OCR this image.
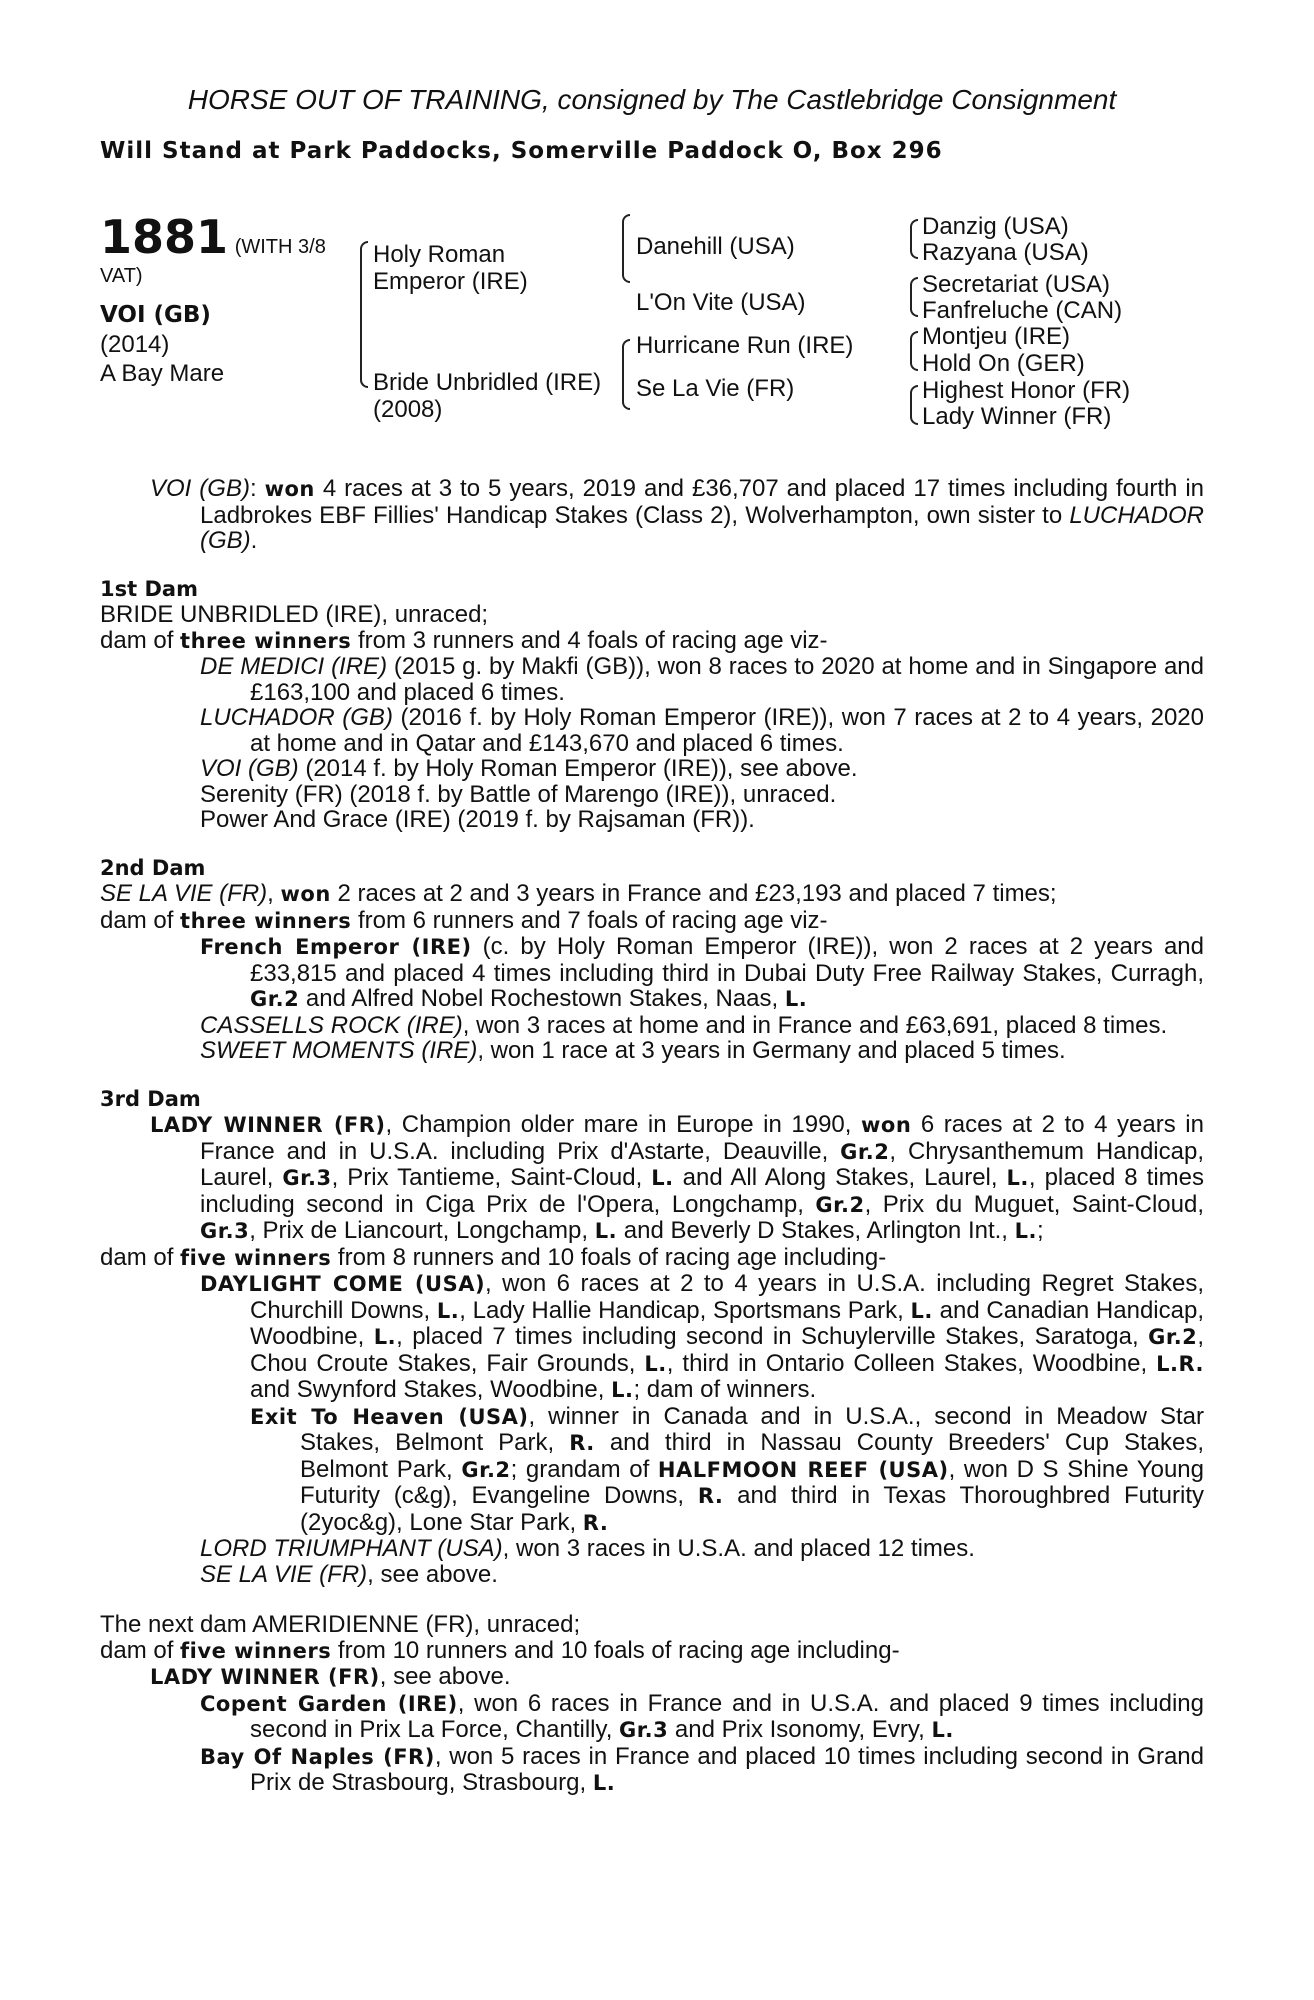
HORSE OUT OF TRAINING, consigned by The Castlebridge Consignment
Will Stand at Park Paddocks, Somerville Paddock O, Box 296
1881 (WITH 3/8
VAT)
VOI (GB)
(2014)
A Bay Mare
Holy Roman
Emperor (IRE)
Bride Unbridled (IRE)
(2008)
Danehill (USA)
L'On Vite (USA)
Hurricane Run (IRE)
Se La Vie (FR)
Danzig (USA)
Razyana (USA)
Secretariat (USA)
Fanfreluche (CAN)
Montjeu (IRE)
Hold On (GER)
Highest Honor (FR)
Lady Winner (FR)

VOI (GB): won 4 races at 3 to 5 years, 2019 and £36,707 and placed 17 times including fourth in Ladbrokes EBF Fillies' Handicap Stakes (Class 2), Wolverhampton, own sister to LUCHADOR (GB).

1st Dam

BRIDE UNBRIDLED (IRE), unraced;

dam of three winners from 3 runners and 4 foals of racing age viz-

DE MEDICI (IRE) (2015 g. by Makfi (GB)), won 8 races to 2020 at home and in Singapore and £163,100 and placed 6 times.

LUCHADOR (GB) (2016 f. by Holy Roman Emperor (IRE)), won 7 races at 2 to 4 years, 2020 at home and in Qatar and £143,670 and placed 6 times.

VOI (GB) (2014 f. by Holy Roman Emperor (IRE)), see above.

Serenity (FR) (2018 f. by Battle of Marengo (IRE)), unraced.

Power And Grace (IRE) (2019 f. by Rajsaman (FR)).

2nd Dam

SE LA VIE (FR), won 2 races at 2 and 3 years in France and £23,193 and placed 7 times;

dam of three winners from 6 runners and 7 foals of racing age viz-

French Emperor (IRE) (c. by Holy Roman Emperor (IRE)), won 2 races at 2 years and £33,815 and placed 4 times including third in Dubai Duty Free Railway Stakes, Curragh, Gr.2 and Alfred Nobel Rochestown Stakes, Naas, L.

CASSELLS ROCK (IRE), won 3 races at home and in France and £63,691, placed 8 times.

SWEET MOMENTS (IRE), won 1 race at 3 years in Germany and placed 5 times.

3rd Dam

LADY WINNER (FR), Champion older mare in Europe in 1990, won 6 races at 2 to 4 years in France and in U.S.A. including Prix d'Astarte, Deauville, Gr.2, Chrysanthemum Handicap, Laurel, Gr.3, Prix Tantieme, Saint-Cloud, L. and All Along Stakes, Laurel, L., placed 8 times including second in Ciga Prix de l'Opera, Longchamp, Gr.2, Prix du Muguet, Saint-Cloud, Gr.3, Prix de Liancourt, Longchamp, L. and Beverly D Stakes, Arlington Int., L.;

dam of five winners from 8 runners and 10 foals of racing age including-

DAYLIGHT COME (USA), won 6 races at 2 to 4 years in U.S.A. including Regret Stakes, Churchill Downs, L., Lady Hallie Handicap, Sportsmans Park, L. and Canadian Handicap, Woodbine, L., placed 7 times including second in Schuylerville Stakes, Saratoga, Gr.2, Chou Croute Stakes, Fair Grounds, L., third in Ontario Colleen Stakes, Woodbine, L.R. and Swynford Stakes, Woodbine, L.; dam of winners.

Exit To Heaven (USA), winner in Canada and in U.S.A., second in Meadow Star Stakes, Belmont Park, R. and third in Nassau County Breeders' Cup Stakes, Belmont Park, Gr.2; grandam of HALFMOON REEF (USA), won D S Shine Young Futurity (c&g), Evangeline Downs, R. and third in Texas Thoroughbred Futurity (2yoc&g), Lone Star Park, R.

LORD TRIUMPHANT (USA), won 3 races in U.S.A. and placed 12 times.

SE LA VIE (FR), see above.

The next dam AMERIDIENNE (FR), unraced;

dam of five winners from 10 runners and 10 foals of racing age including-

LADY WINNER (FR), see above.

Copent Garden (IRE), won 6 races in France and in U.S.A. and placed 9 times including second in Prix La Force, Chantilly, Gr.3 and Prix Isonomy, Evry, L.

Bay Of Naples (FR), won 5 races in France and placed 10 times including second in Grand Prix de Strasbourg, Strasbourg, L.
